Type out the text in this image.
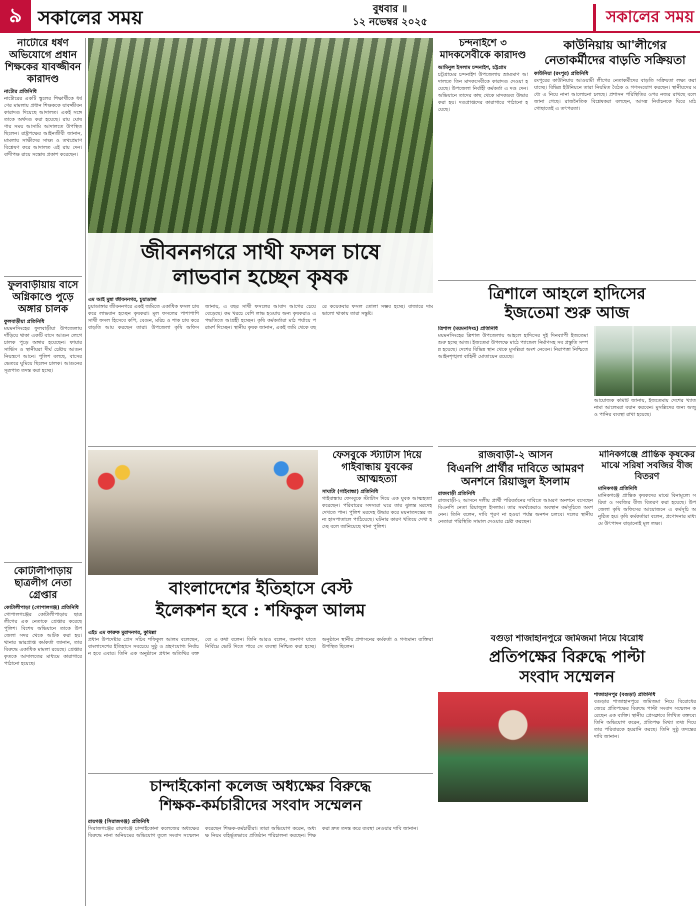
৯ সকালের সময়	বুধবার ॥
১২ নভেম্বর ২০২৫	সকালের সময়
নাটোরে ধর্ষণ অভিযোগে প্রধান শিক্ষকের যাবজ্জীবন কারাদণ্ড
নাটোর প্রতিনিধি
নাটোরের একটি স্কুলের শিক্ষার্থীকে ধর্ষণের মামলায় প্রধান শিক্ষককে যাবজ্জীবন কারাদণ্ড দিয়েছে আদালত। একই সঙ্গে তাকে অর্থদণ্ড করা হয়েছে। রায় ঘোষণার সময় আসামি আদালতে উপস্থিত ছিলেন। রাষ্ট্রপক্ষের আইনজীবী জানান, মামলায় সাক্ষীদের সাক্ষ্য ও তথ্যপ্রমাণ বিশ্লেষণ করে আদালত এই রায় দেন। বাদীপক্ষ রায়ে সন্তোষ প্রকাশ করেছেন।
ফুলবাড়ীয়ায় বাসে অগ্নিকাণ্ডে পুড়ে অঙ্গার চালক
ফুলবাড়ীয়া প্রতিনিধি
ময়মনসিংহের ফুলবাড়ীয়া উপজেলায় দাঁড়িয়ে থাকা একটি বাসে আগুন লেগে চালক পুড়ে অঙ্গার হয়েছেন। ফায়ার সার্ভিস ও স্থানীয়রা দীর্ঘ চেষ্টায় আগুন নিয়ন্ত্রণে আনে। পুলিশ বলছে, বাসের ভেতরে ঘুমিয়ে ছিলেন চালক। আগুনের সূত্রপাত তদন্ত করা হচ্ছে।
কোটালীপাড়ায় ছাত্রলীগ নেতা গ্রেপ্তার
কোটালীপাড়া (গোপালগঞ্জ) প্রতিনিধি
গোপালগঞ্জের কোটালীপাড়ায় ছাত্রলীগের এক নেতাকে গ্রেপ্তার করেছে পুলিশ। বিশেষ অভিযানে তাকে উপজেলা সদর থেকে আটক করা হয়। থানার ভারপ্রাপ্ত কর্মকর্তা জানান, তার বিরুদ্ধে একাধিক মামলা রয়েছে। গ্রেপ্তারকৃতকে আদালতের মাধ্যমে কারাগারে পাঠানো হয়েছে।
জীবননগরে সাথী ফসল চাষে
লাভবান হচ্ছেন কৃষক
এম আই মুন্না জীবননগর, চুয়াডাঙ্গা
চুয়াডাঙ্গার জীবননগরে একই জমিতে একাধিক ফসল চাষ করে লাভবান হচ্ছেন কৃষকরা। মূল ফসলের পাশাপাশি সাথী ফসল হিসেবে কপি, বেগুন, মরিচ ও শাক চাষ করে বাড়তি আয় করছেন তারা। উপজেলা কৃষি অফিস জানায়, এ বছর সাথী ফসলের আবাদ আগের চেয়ে বেড়েছে। কম খরচে বেশি লাভ হওয়ায় অন্য কৃষকরাও এ পদ্ধতিতে আগ্রহী হচ্ছেন। কৃষি কর্মকর্তারা মাঠ পর্যায়ে পরামর্শ দিচ্ছেন। স্থানীয় কৃষক জানান, একই জমি থেকে বছরে কয়েকবার ফসল তোলা সম্ভব হচ্ছে। বাজারে দাম ভালো থাকায় তারা সন্তুষ্ট।
চন্দনাইশে ৩ মাদকসেবীকে কারাদণ্ড
আমিনুল ইসলাম চন্দনাইশ, চট্টগ্রাম
চট্টগ্রামের চন্দনাইশ উপজেলায় ভ্রাম্যমাণ আদালতে তিন মাদকসেবীকে কারাদণ্ড দেওয়া হয়েছে। উপজেলা নির্বাহী কর্মকর্তা এ দণ্ড দেন। অভিযানে তাদের কাছ থেকে মাদকদ্রব্য উদ্ধার করা হয়। দণ্ডপ্রাপ্তদের কারাগারে পাঠানো হয়েছে।
কাউনিয়ায় আ'লীগের নেতাকর্মীদের বাড়তি সক্রিয়তা
কাউনিয়া (রংপুর) প্রতিনিধি
রংপুরের কাউনিয়ায় আওয়ামী লীগের নেতাকর্মীদের বাড়তি সক্রিয়তা লক্ষ্য করা যাচ্ছে। বিভিন্ন ইউনিয়নে তারা নিয়মিত বৈঠক ও গণসংযোগ করছেন। স্থানীয়দের মধ্যে এ নিয়ে নানা আলোচনা চলছে। প্রশাসন পরিস্থিতির ওপর নজর রাখছে বলে জানা গেছে। রাজনৈতিক বিশ্লেষকরা বলছেন, আসন্ন নির্বাচনকে ঘিরে মাঠ গোছাতেই এ তৎপরতা।
ত্রিশালে আহলে হাদিসের
ইজতেমা শুরু আজ
ত্রিশাল (ময়মনসিংহ) প্রতিনিধি
ময়মনসিংহের ত্রিশাল উপজেলায় আহলে হাদিসের দুই দিনব্যাপী ইজতেমা শুরু হচ্ছে আজ। ইজতেমা উপলক্ষে মাঠে প্যান্ডেল নির্মাণসহ সব প্রস্তুতি সম্পন্ন হয়েছে। দেশের বিভিন্ন স্থান থেকে মুসল্লিরা অংশ নেবেন। নিরাপত্তা নিশ্চিতে আইনশৃঙ্খলা বাহিনী মোতায়েন রয়েছে।
আয়োজক কমিটি জানায়, ইজতেমায় দেশের খ্যাতনামা আলেমরা বয়ান করবেন। মুসল্লিদের জন্য অজু ও পানির ব্যবস্থা রাখা হয়েছে।
ফেসবুকে স্ট্যাটাস দিয়ে গাইবান্ধায় যুবকের আত্মহত্যা
সাঘাটা (গাইবান্ধা) প্রতিনিধি
গাইবান্ধায় ফেসবুকে স্ট্যাটাস দিয়ে এক যুবক আত্মহত্যা করেছেন। পরিবারের সদস্যরা ঘরে তার ঝুলন্ত মরদেহ দেখতে পান। পুলিশ মরদেহ উদ্ধার করে ময়নাতদন্তের জন্য হাসপাতালে পাঠিয়েছে। ঘটনার কারণ খতিয়ে দেখা হচ্ছে বলে জানিয়েছে থানা পুলিশ।
রাজবাড়ী-২ আসন
বিএনপি প্রার্থীর দাবিতে আমরণ
অনশনে রিয়াজুল ইসলাম
রাজবাড়ী প্রতিনিধি
রাজবাড়ী-২ আসনে দলীয় প্রার্থী পরিবর্তনের দাবিতে আমরণ অনশনে বসেছেন বিএনপি নেতা রিয়াজুল ইসলাম। তার সমর্থকেরাও অবস্থান কর্মসূচিতে অংশ নেন। তিনি বলেন, দাবি পূরণ না হওয়া পর্যন্ত অনশন চলবে। দলের স্থানীয় নেতারা পরিস্থিতি সামাল দেওয়ার চেষ্টা করছেন।
মানিকগঞ্জে প্রান্তিক কৃষকের মাঝে সরিষা সবজির বীজ বিতরণ
মানিকগঞ্জ প্রতিনিধি
মানিকগঞ্জে প্রান্তিক কৃষকদের মাঝে বিনামূল্যে সরিষা ও সবজির বীজ বিতরণ করা হয়েছে। উপজেলা কৃষি অফিসের আয়োজনে এ কর্মসূচি অনুষ্ঠিত হয়। কৃষি কর্মকর্তারা বলেন, প্রণোদনার মাধ্যমে উৎপাদন বাড়ানোই মূল লক্ষ্য।
বাংলাদেশের ইতিহাসে বেস্ট
ইলেকশন হবে : শফিকুল আলম
এইচ এম ফারুক মুরাদনগর, কুমিল্লা
প্রধান উপদেষ্টার প্রেস সচিব শফিকুল আলম বলেছেন, বাংলাদেশের ইতিহাসে সবচেয়ে সুষ্ঠু ও গ্রহণযোগ্য নির্বাচন হবে এবার। তিনি এক অনুষ্ঠানে প্রধান অতিথির বক্তব্যে এ কথা বলেন। তিনি আরও বলেন, জনগণ যাতে নির্বিঘ্নে ভোট দিতে পারে সে ব্যবস্থা নিশ্চিত করা হচ্ছে। অনুষ্ঠানে স্থানীয় প্রশাসনের কর্মকর্তা ও গণ্যমান্য ব্যক্তিরা উপস্থিত ছিলেন।
বগুড়া শাজাহানপুরে জমিজমা নিয়ে বিরোধ
প্রতিপক্ষের বিরুদ্ধে পাল্টা
সংবাদ সম্মেলন
শাজাহানপুর (বগুড়া) প্রতিনিধি
বগুড়ার শাজাহানপুরে জমিজমা নিয়ে বিরোধের জেরে প্রতিপক্ষের বিরুদ্ধে পাল্টা সংবাদ সম্মেলন করেছেন এক ব্যক্তি। স্থানীয় প্রেসক্লাবে লিখিত বক্তব্যে তিনি অভিযোগ করেন, প্রতিপক্ষ মিথ্যা তথ্য দিয়ে তার পরিবারকে হয়রানি করছে। তিনি সুষ্ঠু তদন্তের দাবি জানান।
চান্দাইকোনা কলেজ অধ্যক্ষের বিরুদ্ধে
শিক্ষক-কর্মচারীদের সংবাদ সম্মেলন
রায়গঞ্জ (সিরাজগঞ্জ) প্রতিনিধি
সিরাজগঞ্জের রায়গঞ্জে চান্দাইকোনা কলেজের অধ্যক্ষের বিরুদ্ধে নানা অনিয়মের অভিযোগ তুলে সংবাদ সম্মেলন করেছেন শিক্ষক-কর্মচারীরা। তারা অভিযোগ করেন, অধ্যক্ষ নিয়ম বহির্ভূতভাবে প্রতিষ্ঠান পরিচালনা করছেন। শিক্ষকরা দ্রুত তদন্ত করে ব্যবস্থা নেওয়ার দাবি জানান।
